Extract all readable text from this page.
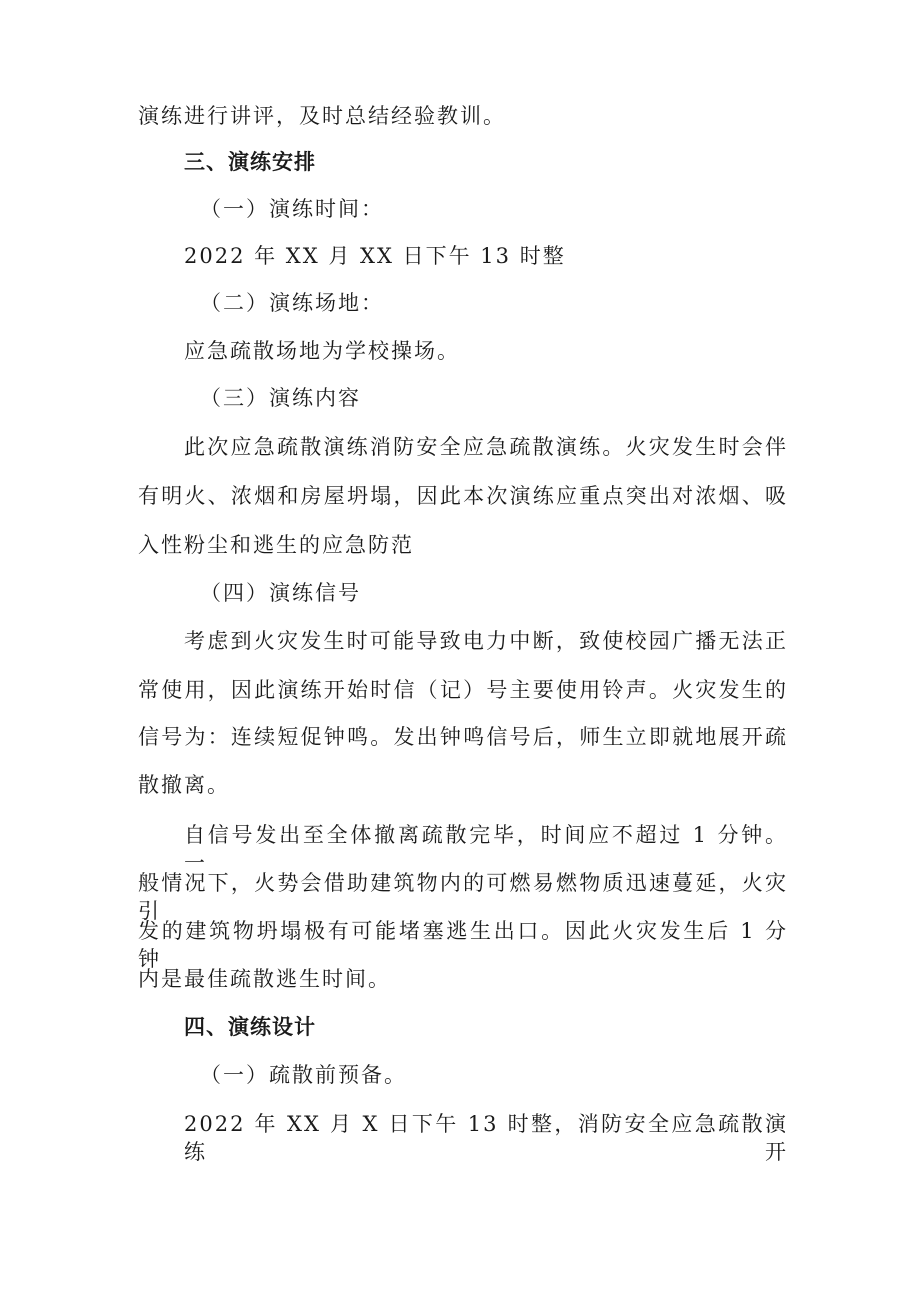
演练进行讲评，及时总结经验教训。
三、演练安排
（一）演练时间：
2022 年 XX 月 XX 日下午 13 时整
（二）演练场地：
应急疏散场地为学校操场。
（三）演练内容
此次应急疏散演练消防安全应急疏散演练。火灾发生时会伴
有明火、浓烟和房屋坍塌，因此本次演练应重点突出对浓烟、吸
入性粉尘和逃生的应急防范
（四）演练信号
考虑到火灾发生时可能导致电力中断，致使校园广播无法正
常使用，因此演练开始时信（记）号主要使用铃声。火灾发生的
信号为：连续短促钟鸣。发出钟鸣信号后，师生立即就地展开疏
散撤离。
自信号发出至全体撤离疏散完毕，时间应不超过 1 分钟。一
般情况下，火势会借助建筑物内的可燃易燃物质迅速蔓延，火灾引
发的建筑物坍塌极有可能堵塞逃生出口。因此火灾发生后 1 分钟
内是最佳疏散逃生时间。
四、演练设计
（一）疏散前预备。
2022 年 XX 月 X 日下午 13 时整，消防安全应急疏散演练开
